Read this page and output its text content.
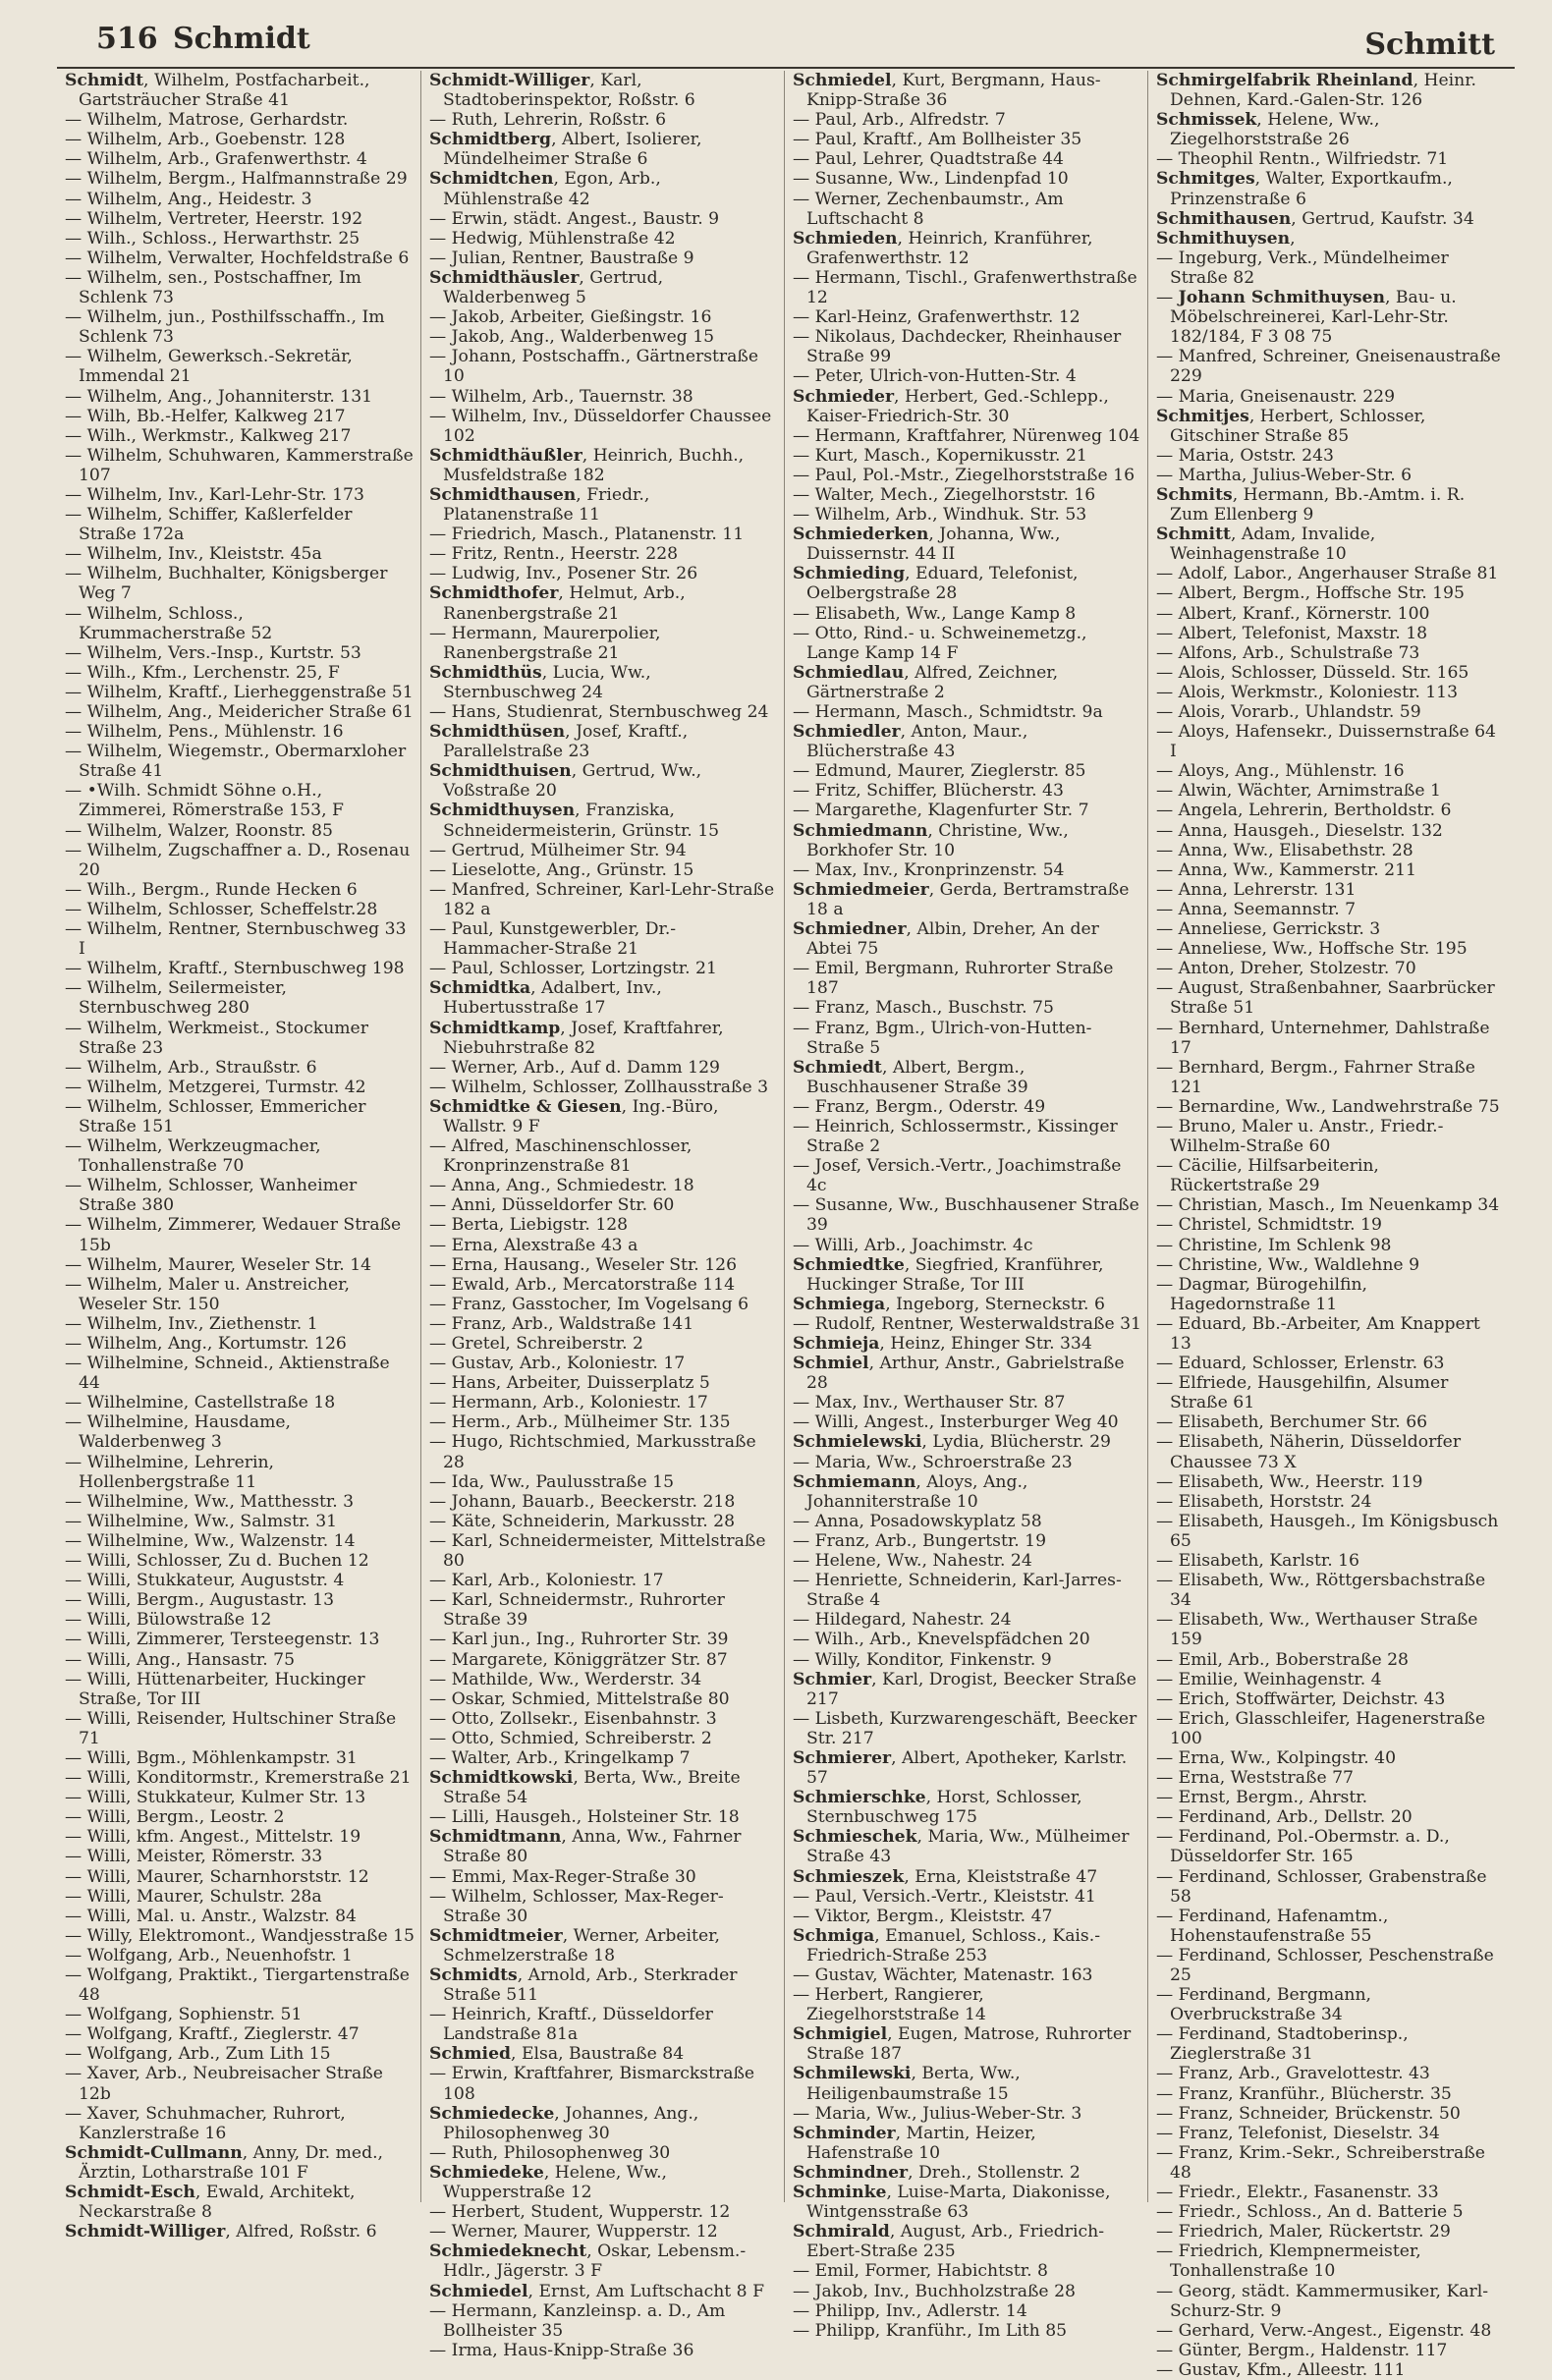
516 Schmidt	Schmitt

Schmidt, Wilhelm, Postfacharbeit., Gartsträucher Straße 41

— Wilhelm, Matrose, Gerhardstr.

— Wilhelm, Arb., Goebenstr. 128

— Wilhelm, Arb., Grafenwerthstr. 4

— Wilhelm, Bergm., Halfmannstraße 29

— Wilhelm, Ang., Heidestr. 3

— Wilhelm, Vertreter, Heerstr. 192

— Wilh., Schloss., Herwarthstr. 25

— Wilhelm, Verwalter, Hochfeldstraße 6

— Wilhelm, sen., Postschaffner, Im Schlenk 73

— Wilhelm, jun., Posthilfsschaffn., Im Schlenk 73

— Wilhelm, Gewerksch.-Sekretär, Immendal 21

— Wilhelm, Ang., Johanniterstr. 131

— Wilh, Bb.-Helfer, Kalkweg 217

— Wilh., Werkmstr., Kalkweg 217

— Wilhelm, Schuhwaren, Kammerstraße 107

— Wilhelm, Inv., Karl-Lehr-Str. 173

— Wilhelm, Schiffer, Kaßlerfelder Straße 172a

— Wilhelm, Inv., Kleiststr. 45a

— Wilhelm, Buchhalter, Königsberger Weg 7

— Wilhelm, Schloss., Krummacherstraße 52

— Wilhelm, Vers.-Insp., Kurtstr. 53

— Wilh., Kfm., Lerchenstr. 25, F

— Wilhelm, Kraftf., Lierheggenstraße 51

— Wilhelm, Ang., Meidericher Straße 61

— Wilhelm, Pens., Mühlenstr. 16

— Wilhelm, Wiegemstr., Obermarxloher Straße 41

— •Wilh. Schmidt Söhne o.H., Zimmerei, Römerstraße 153, F

— Wilhelm, Walzer, Roonstr. 85

— Wilhelm, Zugschaffner a. D., Rosenau 20

— Wilh., Bergm., Runde Hecken 6

— Wilhelm, Schlosser, Scheffelstr.28

— Wilhelm, Rentner, Sternbuschweg 33 I

— Wilhelm, Kraftf., Sternbuschweg 198

— Wilhelm, Seilermeister, Sternbuschweg 280

— Wilhelm, Werkmeist., Stockumer Straße 23

— Wilhelm, Arb., Straußstr. 6

— Wilhelm, Metzgerei, Turmstr. 42

— Wilhelm, Schlosser, Emmericher Straße 151

— Wilhelm, Werkzeugmacher, Tonhallenstraße 70

— Wilhelm, Schlosser, Wanheimer Straße 380

— Wilhelm, Zimmerer, Wedauer Straße 15b

— Wilhelm, Maurer, Weseler Str. 14

— Wilhelm, Maler u. Anstreicher, Weseler Str. 150

— Wilhelm, Inv., Ziethenstr. 1

— Wilhelm, Ang., Kortumstr. 126

— Wilhelmine, Schneid., Aktienstraße 44

— Wilhelmine, Castellstraße 18

— Wilhelmine, Hausdame, Walderbenweg 3

— Wilhelmine, Lehrerin, Hollenbergstraße 11

— Wilhelmine, Ww., Matthesstr. 3

— Wilhelmine, Ww., Salmstr. 31

— Wilhelmine, Ww., Walzenstr. 14

— Willi, Schlosser, Zu d. Buchen 12

— Willi, Stukkateur, Auguststr. 4

— Willi, Bergm., Augustastr. 13

— Willi, Bülowstraße 12

— Willi, Zimmerer, Tersteegenstr. 13

— Willi, Ang., Hansastr. 75

— Willi, Hüttenarbeiter, Huckinger Straße, Tor III

— Willi, Reisender, Hultschiner Straße 71

— Willi, Bgm., Möhlenkampstr. 31

— Willi, Konditormstr., Kremerstraße 21

— Willi, Stukkateur, Kulmer Str. 13

— Willi, Bergm., Leostr. 2

— Willi, kfm. Angest., Mittelstr. 19

— Willi, Meister, Römerstr. 33

— Willi, Maurer, Scharnhorststr. 12

— Willi, Maurer, Schulstr. 28a

— Willi, Mal. u. Anstr., Walzstr. 84

— Willy, Elektromont., Wandjesstraße 15

— Wolfgang, Arb., Neuenhofstr. 1

— Wolfgang, Praktikt., Tiergartenstraße 48

— Wolfgang, Sophienstr. 51

— Wolfgang, Kraftf., Zieglerstr. 47

— Wolfgang, Arb., Zum Lith 15

— Xaver, Arb., Neubreisacher Straße 12b

— Xaver, Schuhmacher, Ruhrort, Kanzlerstraße 16

Schmidt-Cullmann, Anny, Dr. med., Ärztin, Lotharstraße 101 F

Schmidt-Esch, Ewald, Architekt, Neckarstraße 8

Schmidt-Williger, Alfred, Roßstr. 6

Schmidt-Williger, Karl, Stadtoberinspektor, Roßstr. 6

— Ruth, Lehrerin, Roßstr. 6

Schmidtberg, Albert, Isolierer, Mündelheimer Straße 6

Schmidtchen, Egon, Arb., Mühlenstraße 42

— Erwin, städt. Angest., Baustr. 9

— Hedwig, Mühlenstraße 42

— Julian, Rentner, Baustraße 9

Schmidthäusler, Gertrud, Walderbenweg 5

— Jakob, Arbeiter, Gießingstr. 16

— Jakob, Ang., Walderbenweg 15

— Johann, Postschaffn., Gärtnerstraße 10

— Wilhelm, Arb., Tauernstr. 38

— Wilhelm, Inv., Düsseldorfer Chaussee 102

Schmidthäußler, Heinrich, Buchh., Musfeldstraße 182

Schmidthausen, Friedr., Platanenstraße 11

— Friedrich, Masch., Platanenstr. 11

— Fritz, Rentn., Heerstr. 228

— Ludwig, Inv., Posener Str. 26

Schmidthofer, Helmut, Arb., Ranenbergstraße 21

— Hermann, Maurerpolier, Ranenbergstraße 21

Schmidthüs, Lucia, Ww., Sternbuschweg 24

— Hans, Studienrat, Sternbuschweg 24

Schmidthüsen, Josef, Kraftf., Parallelstraße 23

Schmidthuisen, Gertrud, Ww., Voßstraße 20

Schmidthuysen, Franziska, Schneidermeisterin, Grünstr. 15

— Gertrud, Mülheimer Str. 94

— Lieselotte, Ang., Grünstr. 15

— Manfred, Schreiner, Karl-Lehr-Straße 182 a

— Paul, Kunstgewerbler, Dr.-Hammacher-Straße 21

— Paul, Schlosser, Lortzingstr. 21

Schmidtka, Adalbert, Inv., Hubertusstraße 17

Schmidtkamp, Josef, Kraftfahrer, Niebuhrstraße 82

— Werner, Arb., Auf d. Damm 129

— Wilhelm, Schlosser, Zollhausstraße 3

Schmidtke & Giesen, Ing.-Büro, Wallstr. 9 F

— Alfred, Maschinenschlosser, Kronprinzenstraße 81

— Anna, Ang., Schmiedestr. 18

— Anni, Düsseldorfer Str. 60

— Berta, Liebigstr. 128

— Erna, Alexstraße 43 a

— Erna, Hausang., Weseler Str. 126

— Ewald, Arb., Mercatorstraße 114

— Franz, Gasstocher, Im Vogelsang 6

— Franz, Arb., Waldstraße 141

— Gretel, Schreiberstr. 2

— Gustav, Arb., Koloniestr. 17

— Hans, Arbeiter, Duisserplatz 5

— Hermann, Arb., Koloniestr. 17

— Herm., Arb., Mülheimer Str. 135

— Hugo, Richtschmied, Markusstraße 28

— Ida, Ww., Paulusstraße 15

— Johann, Bauarb., Beeckerstr. 218

— Käte, Schneiderin, Markusstr. 28

— Karl, Schneidermeister, Mittelstraße 80

— Karl, Arb., Koloniestr. 17

— Karl, Schneidermstr., Ruhrorter Straße 39

— Karl jun., Ing., Ruhrorter Str. 39

— Margarete, Königgrätzer Str. 87

— Mathilde, Ww., Werderstr. 34

— Oskar, Schmied, Mittelstraße 80

— Otto, Zollsekr., Eisenbahnstr. 3

— Otto, Schmied, Schreiberstr. 2

— Walter, Arb., Kringelkamp 7

Schmidtkowski, Berta, Ww., Breite Straße 54

— Lilli, Hausgeh., Holsteiner Str. 18

Schmidtmann, Anna, Ww., Fahrner Straße 80

— Emmi, Max-Reger-Straße 30

— Wilhelm, Schlosser, Max-Reger-Straße 30

Schmidtmeier, Werner, Arbeiter, Schmelzerstraße 18

Schmidts, Arnold, Arb., Sterkrader Straße 511

— Heinrich, Kraftf., Düsseldorfer Landstraße 81a

Schmied, Elsa, Baustraße 84

— Erwin, Kraftfahrer, Bismarckstraße 108

Schmiedecke, Johannes, Ang., Philosophenweg 30

— Ruth, Philosophenweg 30

Schmiedeke, Helene, Ww., Wupperstraße 12

— Herbert, Student, Wupperstr. 12

— Werner, Maurer, Wupperstr. 12

Schmiedeknecht, Oskar, Lebensm.-Hdlr., Jägerstr. 3 F

Schmiedel, Ernst, Am Luftschacht 8 F

— Hermann, Kanzleinsp. a. D., Am Bollheister 35

— Irma, Haus-Knipp-Straße 36

Schmiedel, Kurt, Bergmann, Haus-Knipp-Straße 36

— Paul, Arb., Alfredstr. 7

— Paul, Kraftf., Am Bollheister 35

— Paul, Lehrer, Quadtstraße 44

— Susanne, Ww., Lindenpfad 10

— Werner, Zechenbaumstr., Am Luftschacht 8

Schmieden, Heinrich, Kranführer, Grafenwerthstr. 12

— Hermann, Tischl., Grafenwerthstraße 12

— Karl-Heinz, Grafenwerthstr. 12

— Nikolaus, Dachdecker, Rheinhauser Straße 99

— Peter, Ulrich-von-Hutten-Str. 4

Schmieder, Herbert, Ged.-Schlepp., Kaiser-Friedrich-Str. 30

— Hermann, Kraftfahrer, Nürenweg 104

— Kurt, Masch., Kopernikusstr. 21

— Paul, Pol.-Mstr., Ziegelhorststraße 16

— Walter, Mech., Ziegelhorststr. 16

— Wilhelm, Arb., Windhuk. Str. 53

Schmiederken, Johanna, Ww., Duissernstr. 44 II

Schmieding, Eduard, Telefonist, Oelbergstraße 28

— Elisabeth, Ww., Lange Kamp 8

— Otto, Rind.- u. Schweinemetzg., Lange Kamp 14 F

Schmiedlau, Alfred, Zeichner, Gärtnerstraße 2

— Hermann, Masch., Schmidtstr. 9a

Schmiedler, Anton, Maur., Blücherstraße 43

— Edmund, Maurer, Zieglerstr. 85

— Fritz, Schiffer, Blücherstr. 43

— Margarethe, Klagenfurter Str. 7

Schmiedmann, Christine, Ww., Borkhofer Str. 10

— Max, Inv., Kronprinzenstr. 54

Schmiedmeier, Gerda, Bertramstraße 18 a

Schmiedner, Albin, Dreher, An der Abtei 75

— Emil, Bergmann, Ruhrorter Straße 187

— Franz, Masch., Buschstr. 75

— Franz, Bgm., Ulrich-von-Hutten-Straße 5

Schmiedt, Albert, Bergm., Buschhausener Straße 39

— Franz, Bergm., Oderstr. 49

— Heinrich, Schlossermstr., Kissinger Straße 2

— Josef, Versich.-Vertr., Joachimstraße 4c

— Susanne, Ww., Buschhausener Straße 39

— Willi, Arb., Joachimstr. 4c

Schmiedtke, Siegfried, Kranführer, Huckinger Straße, Tor III

Schmiega, Ingeborg, Sterneckstr. 6

— Rudolf, Rentner, Westerwaldstraße 31

Schmieja, Heinz, Ehinger Str. 334

Schmiel, Arthur, Anstr., Gabrielstraße 28

— Max, Inv., Werthauser Str. 87

— Willi, Angest., Insterburger Weg 40

Schmielewski, Lydia, Blücherstr. 29

— Maria, Ww., Schroerstraße 23

Schmiemann, Aloys, Ang., Johanniterstraße 10

— Anna, Posadowskyplatz 58

— Franz, Arb., Bungertstr. 19

— Helene, Ww., Nahestr. 24

— Henriette, Schneiderin, Karl-Jarres-Straße 4

— Hildegard, Nahestr. 24

— Wilh., Arb., Knevelspfädchen 20

— Willy, Konditor, Finkenstr. 9

Schmier, Karl, Drogist, Beecker Straße 217

— Lisbeth, Kurzwarengeschäft, Beecker Str. 217

Schmierer, Albert, Apotheker, Karlstr. 57

Schmierschke, Horst, Schlosser, Sternbuschweg 175

Schmieschek, Maria, Ww., Mülheimer Straße 43

Schmieszek, Erna, Kleiststraße 47

— Paul, Versich.-Vertr., Kleiststr. 41

— Viktor, Bergm., Kleiststr. 47

Schmiga, Emanuel, Schloss., Kais.-Friedrich-Straße 253

— Gustav, Wächter, Matenastr. 163

— Herbert, Rangierer, Ziegelhorststraße 14

Schmigiel, Eugen, Matrose, Ruhrorter Straße 187

Schmilewski, Berta, Ww., Heiligenbaumstraße 15

— Maria, Ww., Julius-Weber-Str. 3

Schminder, Martin, Heizer, Hafenstraße 10

Schmindner, Dreh., Stollenstr. 2

Schminke, Luise-Marta, Diakonisse, Wintgensstraße 63

Schmirald, August, Arb., Friedrich-Ebert-Straße 235

— Emil, Former, Habichtstr. 8

— Jakob, Inv., Buchholzstraße 28

— Philipp, Inv., Adlerstr. 14

— Philipp, Kranführ., Im Lith 85

Schmirgelfabrik Rheinland, Heinr. Dehnen, Kard.-Galen-Str. 126

Schmissek, Helene, Ww., Ziegelhorststraße 26

— Theophil Rentn., Wilfriedstr. 71

Schmitges, Walter, Exportkaufm., Prinzenstraße 6

Schmithausen, Gertrud, Kaufstr. 34

Schmithuysen,

— Ingeburg, Verk., Mündelheimer Straße 82

— Johann Schmithuysen, Bau- u. Möbelschreinerei, Karl-Lehr-Str. 182/184, F 3 08 75

— Manfred, Schreiner, Gneisenaustraße 229

— Maria, Gneisenaustr. 229

Schmitjes, Herbert, Schlosser, Gitschiner Straße 85

— Maria, Oststr. 243

— Martha, Julius-Weber-Str. 6

Schmits, Hermann, Bb.-Amtm. i. R. Zum Ellenberg 9

Schmitt, Adam, Invalide, Weinhagenstraße 10

— Adolf, Labor., Angerhauser Straße 81

— Albert, Bergm., Hoffsche Str. 195

— Albert, Kranf., Körnerstr. 100

— Albert, Telefonist, Maxstr. 18

— Alfons, Arb., Schulstraße 73

— Alois, Schlosser, Düsseld. Str. 165

— Alois, Werkmstr., Koloniestr. 113

— Alois, Vorarb., Uhlandstr. 59

— Aloys, Hafensekr., Duissernstraße 64 I

— Aloys, Ang., Mühlenstr. 16

— Alwin, Wächter, Arnimstraße 1

— Angela, Lehrerin, Bertholdstr. 6

— Anna, Hausgeh., Dieselstr. 132

— Anna, Ww., Elisabethstr. 28

— Anna, Ww., Kammerstr. 211

— Anna, Lehrerstr. 131

— Anna, Seemannstr. 7

— Anneliese, Gerrickstr. 3

— Anneliese, Ww., Hoffsche Str. 195

— Anton, Dreher, Stolzestr. 70

— August, Straßenbahner, Saarbrücker Straße 51

— Bernhard, Unternehmer, Dahlstraße 17

— Bernhard, Bergm., Fahrner Straße 121

— Bernardine, Ww., Landwehrstraße 75

— Bruno, Maler u. Anstr., Friedr.-Wilhelm-Straße 60

— Cäcilie, Hilfsarbeiterin, Rückertstraße 29

— Christian, Masch., Im Neuenkamp 34

— Christel, Schmidtstr. 19

— Christine, Im Schlenk 98

— Christine, Ww., Waldlehne 9

— Dagmar, Bürogehilfin, Hagedornstraße 11

— Eduard, Bb.-Arbeiter, Am Knappert 13

— Eduard, Schlosser, Erlenstr. 63

— Elfriede, Hausgehilfin, Alsumer Straße 61

— Elisabeth, Berchumer Str. 66

— Elisabeth, Näherin, Düsseldorfer Chaussee 73 X

— Elisabeth, Ww., Heerstr. 119

— Elisabeth, Horststr. 24

— Elisabeth, Hausgeh., Im Königsbusch 65

— Elisabeth, Karlstr. 16

— Elisabeth, Ww., Röttgersbachstraße 34

— Elisabeth, Ww., Werthauser Straße 159

— Emil, Arb., Boberstraße 28

— Emilie, Weinhagenstr. 4

— Erich, Stoffwärter, Deichstr. 43

— Erich, Glasschleifer, Hagenerstraße 100

— Erna, Ww., Kolpingstr. 40

— Erna, Weststraße 77

— Ernst, Bergm., Ahrstr.

— Ferdinand, Arb., Dellstr. 20

— Ferdinand, Pol.-Obermstr. a. D., Düsseldorfer Str. 165

— Ferdinand, Schlosser, Grabenstraße 58

— Ferdinand, Hafenamtm., Hohenstaufenstraße 55

— Ferdinand, Schlosser, Peschenstraße 25

— Ferdinand, Bergmann, Overbruckstraße 34

— Ferdinand, Stadtoberinsp., Zieglerstraße 31

— Franz, Arb., Gravelottestr. 43

— Franz, Kranführ., Blücherstr. 35

— Franz, Schneider, Brückenstr. 50

— Franz, Telefonist, Dieselstr. 34

— Franz, Krim.-Sekr., Schreiberstraße 48

— Friedr., Elektr., Fasanenstr. 33

— Friedr., Schloss., An d. Batterie 5

— Friedrich, Maler, Rückertstr. 29

— Friedrich, Klempnermeister, Tonhallenstraße 10

— Georg, städt. Kammermusiker, Karl-Schurz-Str. 9

— Gerhard, Verw.-Angest., Eigenstr. 48

— Günter, Bergm., Haldenstr. 117

— Gustav, Kfm., Alleestr. 111
